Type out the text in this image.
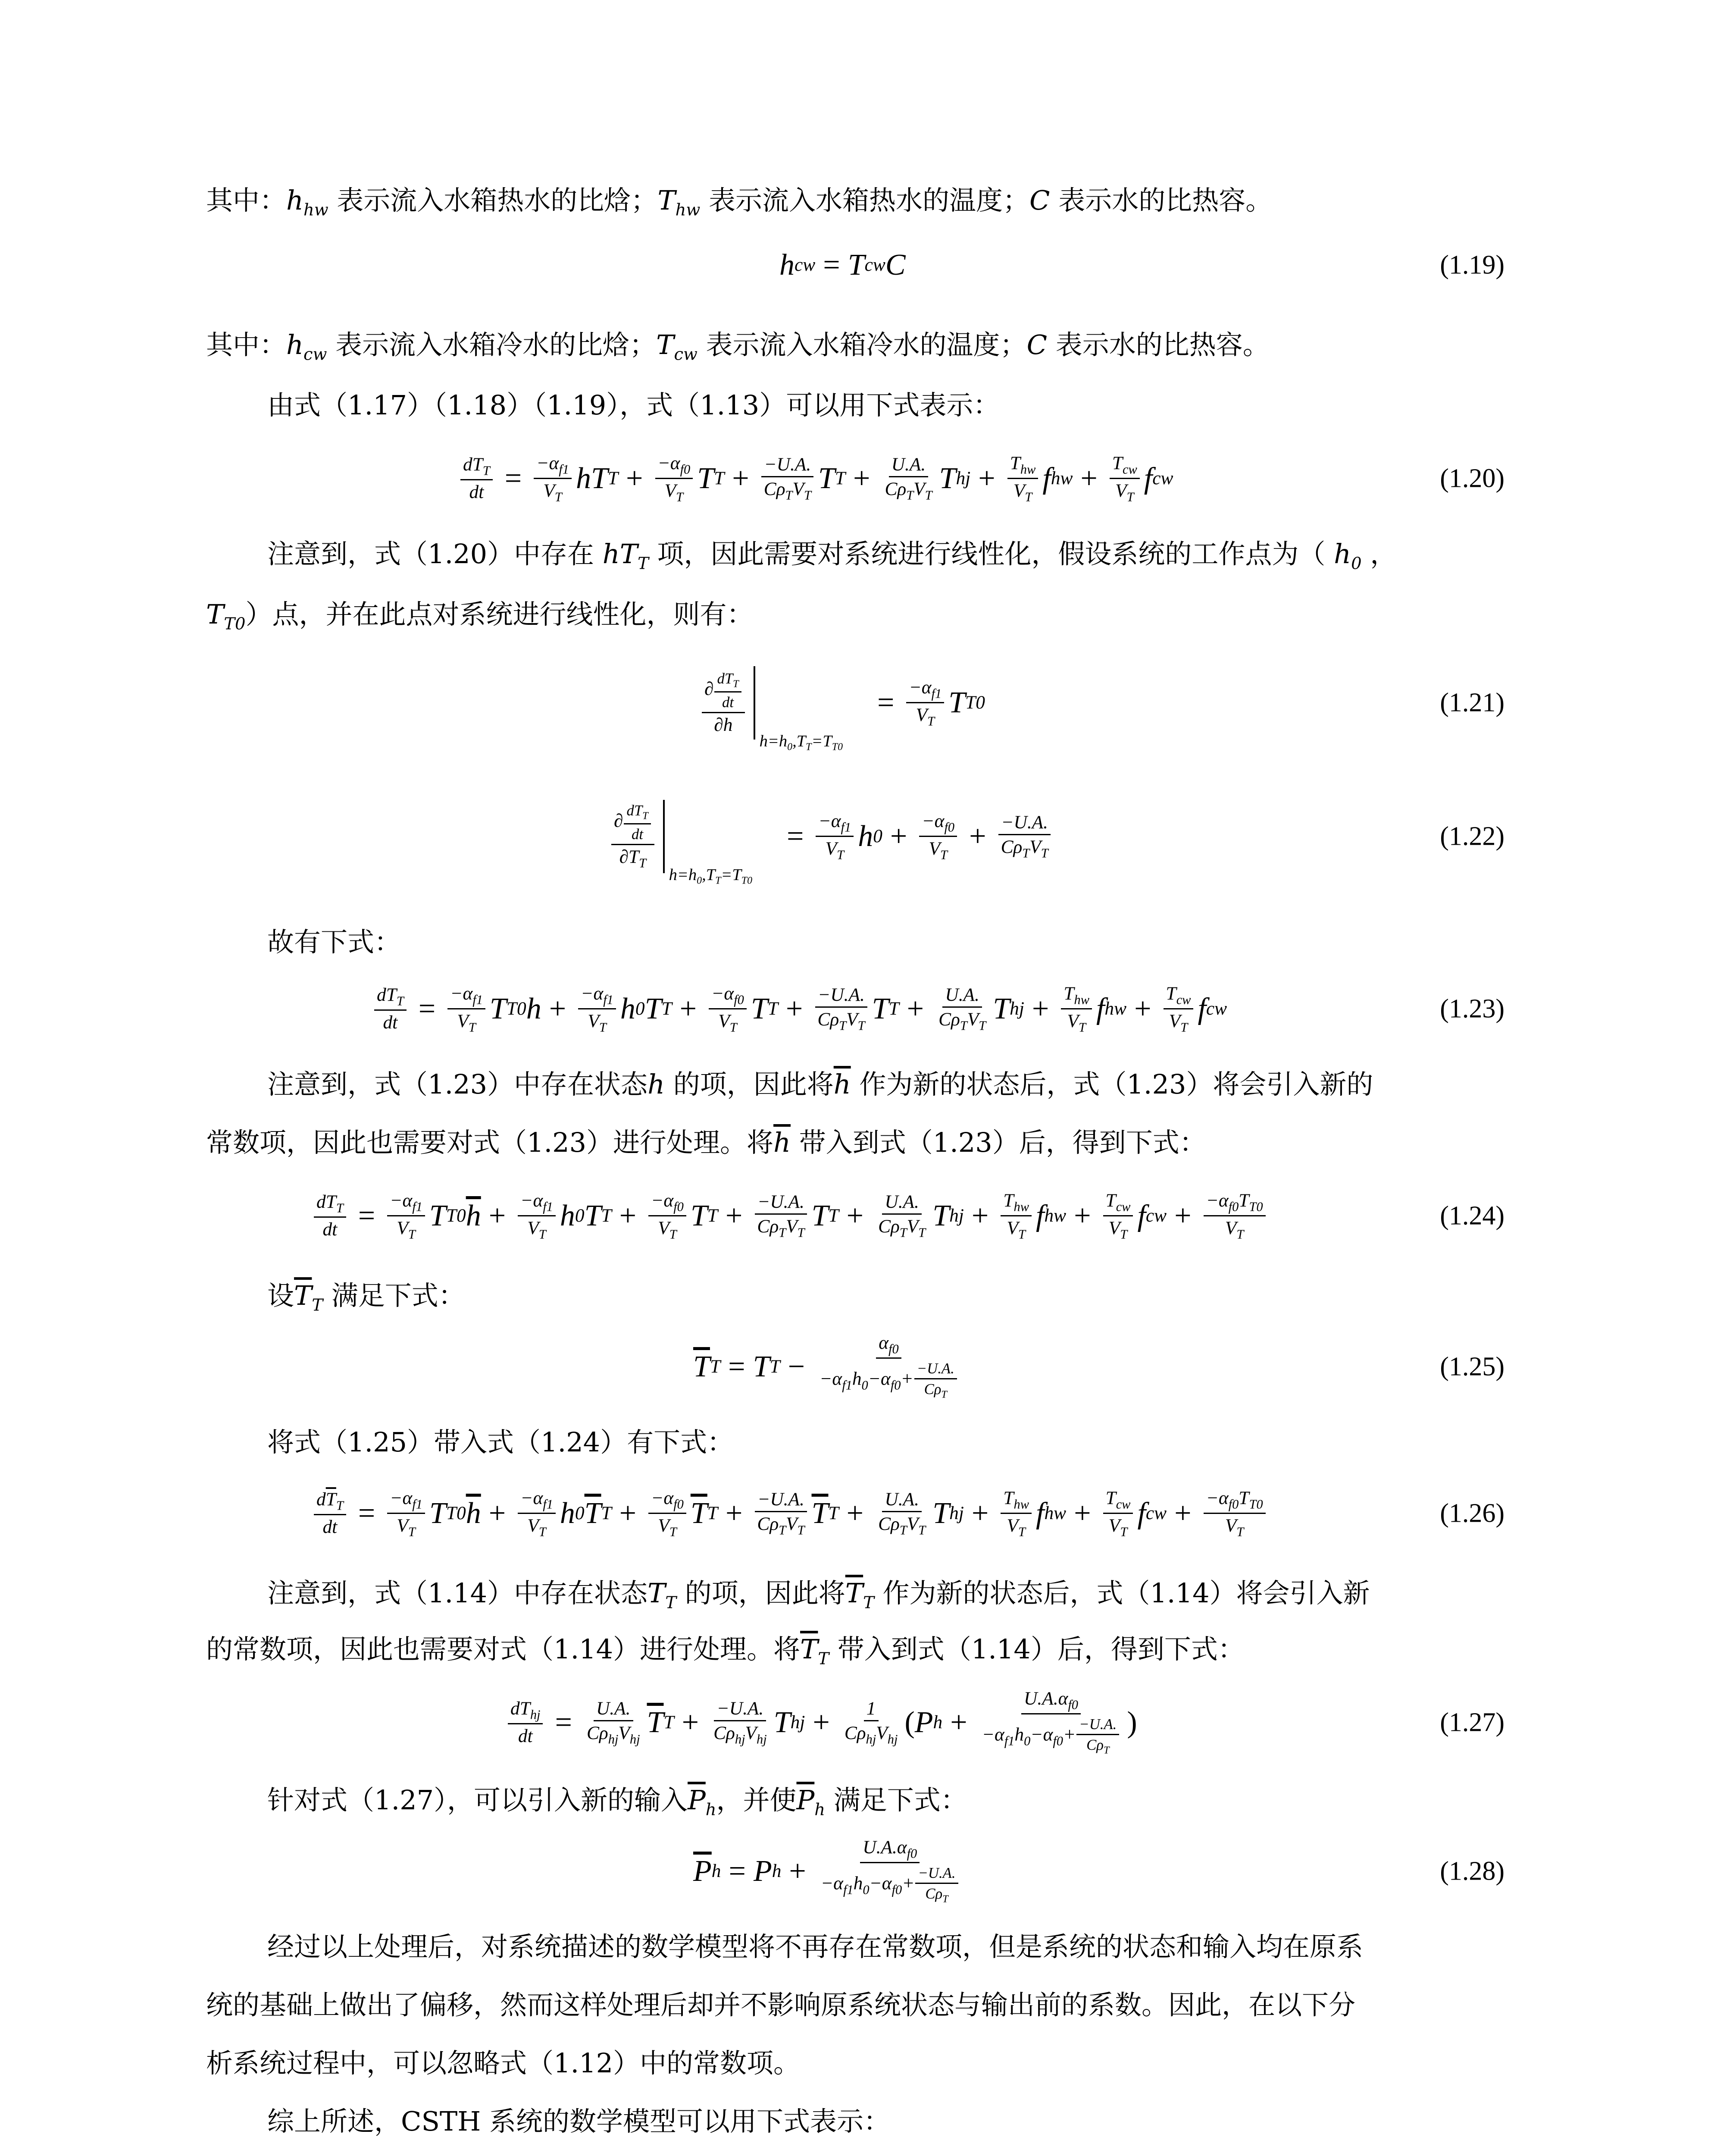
其中：$h_{hw}$ 表示流入水箱热水的比焓；$T_{hw}$ 表示流入水箱热水的温度；C 表示水的比热容。
h cw = T cw C	(1.19)
其中：$h_{cw}$ 表示流入水箱冷水的比焓；$T_{cw}$ 表示流入水箱冷水的温度；C 表示水的比热容。
由式（1.17）（1.18）（1.19），式（1.13）可以用下式表示：
$\frac{dT_T}{dt} = \frac{-\alpha_{f1}}{V_T}$ hT $T + \frac{-\alpha_{f0}}{V_T}$ T $T + \frac{-U.A.}{C\rho_TV_T}$ T $T + \frac{U.A.}{C\rho_TV_T}$ T hj + $\frac{T_{hw}}{V_T}$ f hw + $\frac{T_{cw}}{V_T}$ f cw	(1.20)
注意到，式（1.20）中存在 $hT_T$ 项，因此需要对系统进行线性化，假设系统的工作点为（ $h_0$ ，
$T_{T0}$）点，并在此点对系统进行线性化，则有：
$\frac{\partial \frac{dT_T}{dt}}{\partial h}$
$h=h_0,T_T=T_{T0}$
= $\frac{-\alpha_{f1}}{V_T}$ T T0	(1.21)
$\frac{\partial \frac{dT_T}{dt}}{\partial T_T}$
$h=h_0,T_T=T_{T0}$
= $\frac{-\alpha_{f1}}{V_T}$ h $0 + \frac{-\alpha_{f0}}{V_T} + \frac{-U.A.}{C\rho_TV_T}$	(1.22)
故有下式：
$\frac{dT_T}{dt} = \frac{-\alpha_{f1}}{V_T}$ T T0 $h + \frac{-\alpha_{f1}}{V_T}$ h 0 T $T + \frac{-\alpha_{f0}}{V_T}$ T $T + \frac{-U.A.}{C\rho_TV_T}$ T $T + \frac{U.A.}{C\rho_TV_T}$ T hj + $\frac{T_{hw}}{V_T}$ f hw + $\frac{T_{cw}}{V_T}$ f cw	(1.23)
注意到，式（1.23）中存在状态h 的项，因此将$\overline{h}$ 作为新的状态后，式（1.23）将会引入新的
常数项，因此也需要对式（1.23）进行处理。将$\overline{h}$ 带入到式（1.23）后，得到下式：
$\frac{dT_T}{dt} = \frac{-\alpha_{f1}}{V_T}$ T T0 $\overline{h} + \frac{-\alpha_{f1}}{V_T}$ h 0 T $T + \frac{-\alpha_{f0}}{V_T}$ T $T + \frac{-U.A.}{C\rho_TV_T}$ T $T + \frac{U.A.}{C\rho_TV_T}$ T hj + $\frac{T_{hw}}{V_T}$ f hw + $\frac{T_{cw}}{V_T}$ f cw + $\frac{-\alpha_{f0}T_{T0}}{V_T}$	(1.24)
设$\overline{T}_T$ 满足下式：
$\overline{T}$ T = T $T - \frac{\alpha_{f0}}{-\alpha_{f1}h_0-\alpha_{f0}+ \frac{-U.A.}{C\rho_T}}$	(1.25)
将式（1.25）带入式（1.24）有下式：
$\frac{d\overline{T}_T}{dt} = \frac{-\alpha_{f1}}{V_T}$ T T0 $\overline{h} + \frac{-\alpha_{f1}}{V_T}$ h 0 $\overline{T}$ $T + \frac{-\alpha_{f0}}{V_T} \overline{T}$ $T + \frac{-U.A.}{C\rho_TV_T} \overline{T}$ $T + \frac{U.A.}{C\rho_TV_T}$ T hj + $\frac{T_{hw}}{V_T}$ f hw + $\frac{T_{cw}}{V_T}$ f cw + $\frac{-\alpha_{f0}T_{T0}}{V_T}$	(1.26)
注意到，式（1.14）中存在状态$T_T$ 的项，因此将$\overline{T}_T$ 作为新的状态后，式（1.14）将会引入新
的常数项，因此也需要对式（1.14）进行处理。将$\overline{T}_T$ 带入到式（1.14）后，得到下式：
$\frac{dT_{hj}}{dt} = \frac{U.A.}{C\rho_{hj}V_{hj}} \overline{T}$ $T + \frac{-U.A.}{C\rho_{hj}V_{hj}}$ T hj + $\frac{1}{C\rho_{hj}V_{hj}}$ ( P $h + \frac{U.A.\alpha_{f0}}{-\alpha_{f1}h_0-\alpha_{f0}+ \frac{-U.A.}{C\rho_T}}$ )	(1.27)
针对式（1.27），可以引入新的输入$\overline{P}_h$，并使$\overline{P}_h$ 满足下式：
$\overline{P}$ h = P $h + \frac{U.A.\alpha_{f0}}{-\alpha_{f1}h_0-\alpha_{f0}+ \frac{-U.A.}{C\rho_T}}$	(1.28)
经过以上处理后，对系统描述的数学模型将不再存在常数项，但是系统的状态和输入均在原系
统的基础上做出了偏移，然而这样处理后却并不影响原系统状态与输出前的系数。因此，在以下分
析系统过程中，可以忽略式（1.12）中的常数项。
综上所述，CSTH 系统的数学模型可以用下式表示：
